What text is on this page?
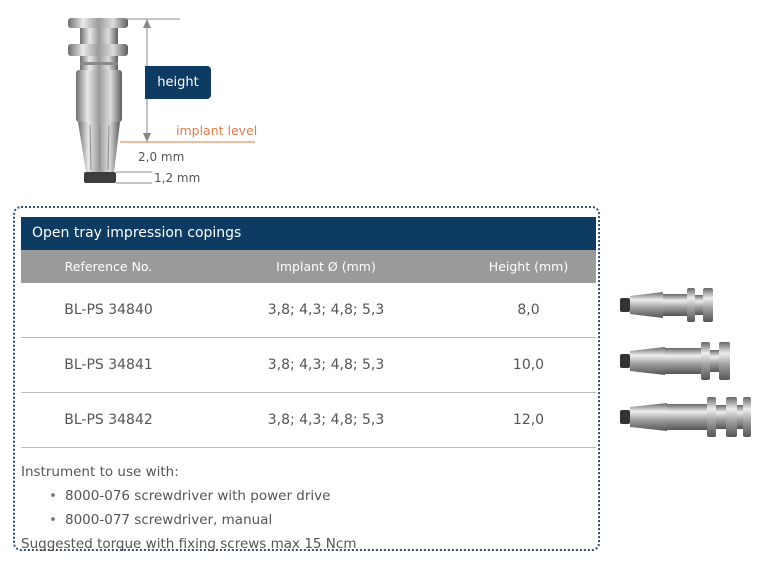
height
implant level
2,0 mm
1,2 mm
Open tray impression copings
Reference No.	Implant Ø (mm)	Height (mm)
BL-PS 34840	3,8; 4,3; 4,8; 5,3	8,0
BL-PS 34841	3,8; 4,3; 4,8; 5,3	10,0
BL-PS 34842	3,8; 4,3; 4,8; 5,3	12,0
Instrument to use with:
• 8000-076 screwdriver with power drive
• 8000-077 screwdriver, manual
Suggested torque with fixing screws max 15 Ncm
